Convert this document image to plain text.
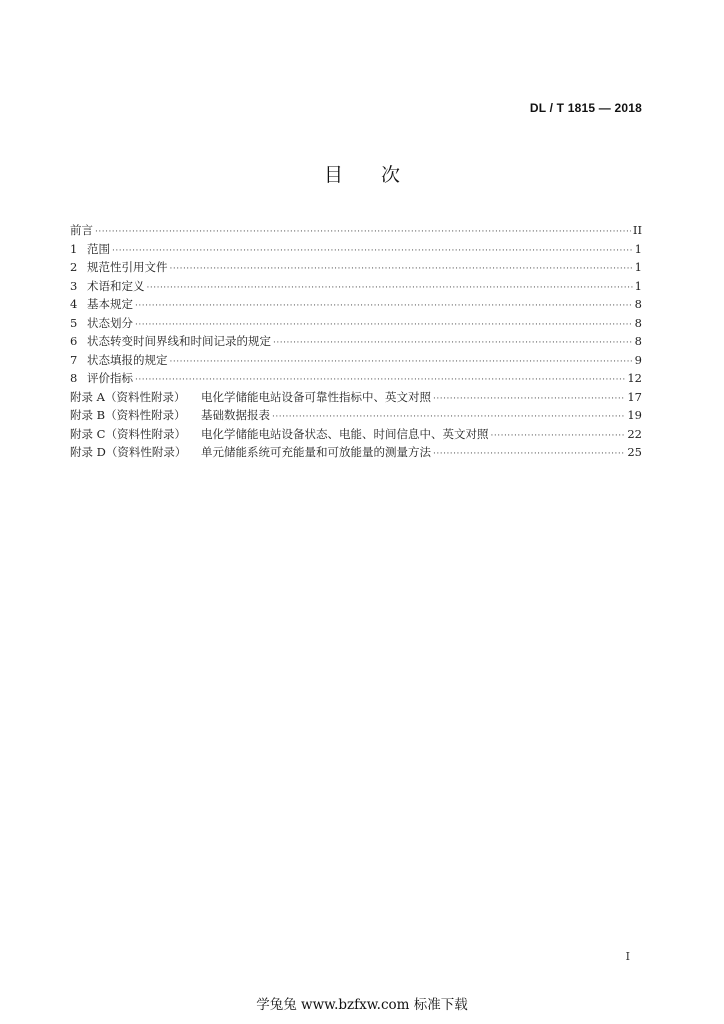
DL / T 1815 — 2018
目 次
前言 ·····	II
1 范围 ·····	1
2 规范性引用文件 ·····	1
3 术语和定义 ·····	1
4 基本规定 ·····	8
5 状态划分 ·····	8
6 状态转变时间界线和时间记录的规定 ·····	8
7 状态填报的规定 ·····	9
8 评价指标 ·····	12
附录 A（资料性附录）	电化学储能电站设备可靠性指标中、英文对照 ·····	17
附录 B（资料性附录）	基础数据报表 ·····	19
附录 C（资料性附录）	电化学储能电站设备状态、电能、时间信息中、英文对照 ·····	22
附录 D（资料性附录）	单元储能系统可充能量和可放能量的测量方法 ·····	25
I
学兔兔 www.bzfxw.com 标准下载
